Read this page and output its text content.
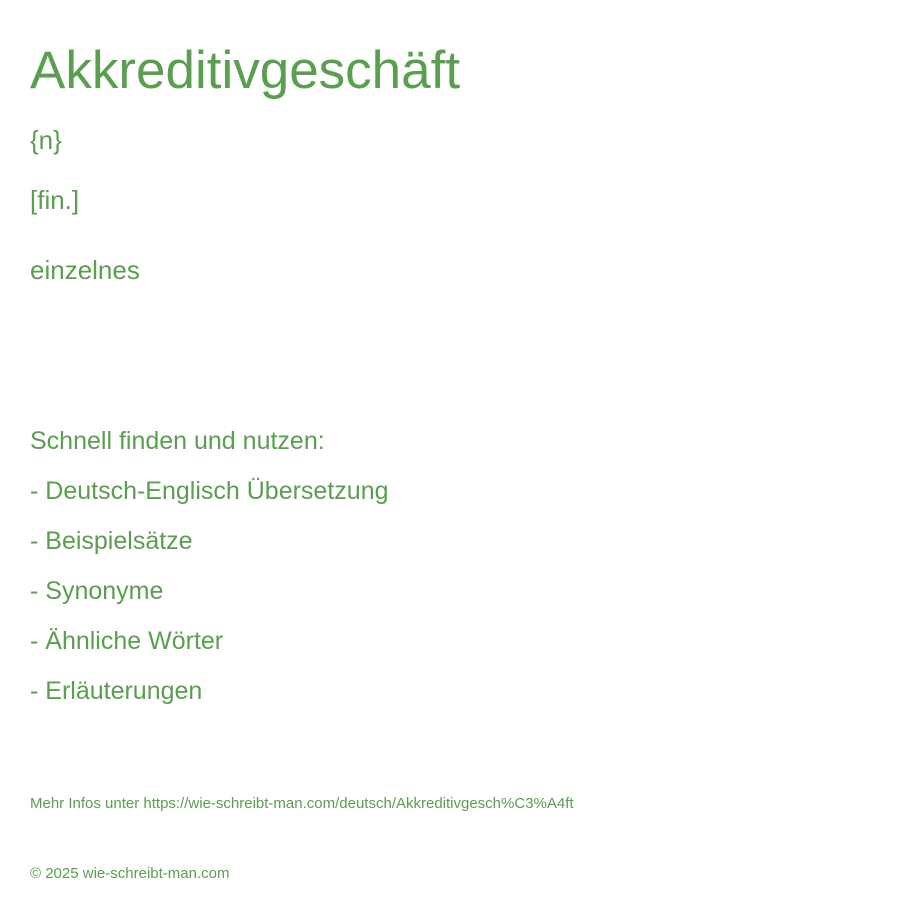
Akkreditivgeschäft
{n}
[fin.]
einzelnes
Schnell finden und nutzen:
- Deutsch-Englisch Übersetzung
- Beispielsätze
- Synonyme
- Ähnliche Wörter
- Erläuterungen
Mehr Infos unter https://wie-schreibt-man.com/deutsch/Akkreditivgesch%C3%A4ft
© 2025 wie-schreibt-man.com
